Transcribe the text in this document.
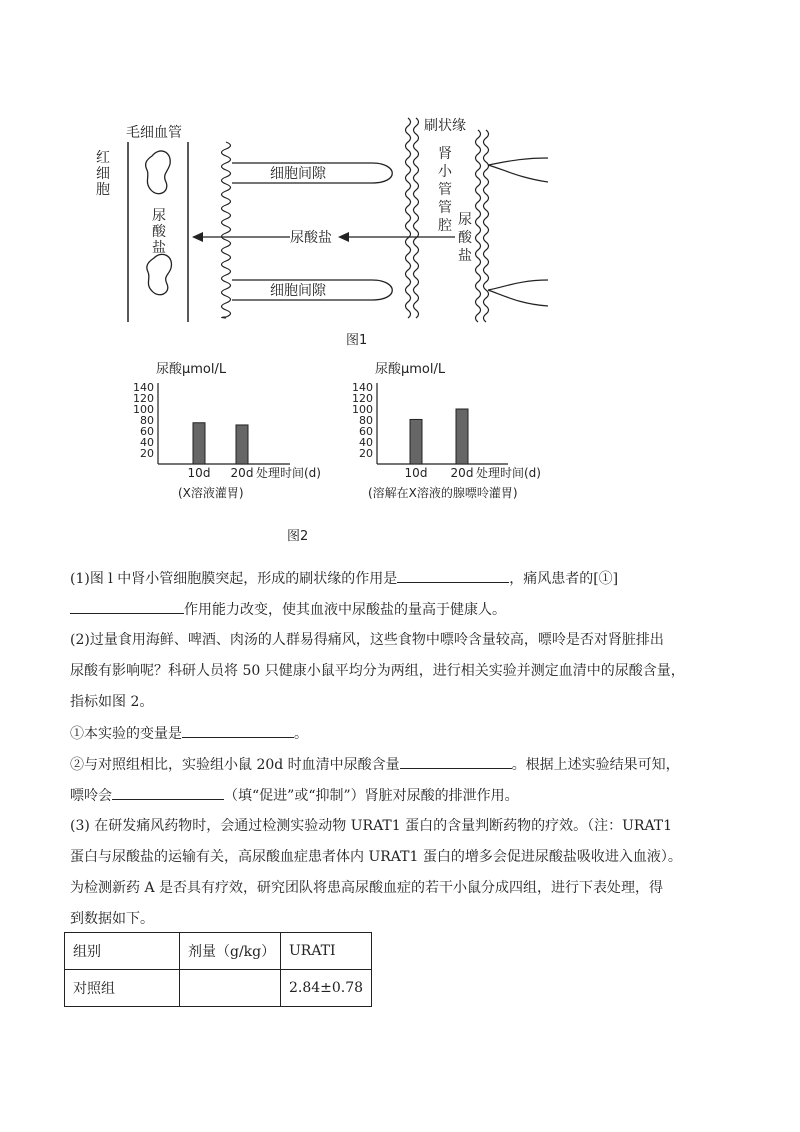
毛细血管
红
细
胞
尿
酸
盐
刷状缘
肾
小
管
管
腔 尿
酸
盐
细胞间隙
尿酸盐
细胞间隙
图1
尿酸μmol/L
20
40
60
80
100
120
140
10d 20d 处理时间(d)
(X溶液灌胃)
尿酸μmol/L
20
40
60
80
100
120
140
10d 20d 处理时间(d)
(溶解在X溶液的腺嘌呤灌胃)
图2
(1)图 l 中肾小管细胞膜突起，形成的刷状缘的作用是	，痛风患者的[①]
作用能力改变，使其血液中尿酸盐的量高于健康人。
(2)过量食用海鲜、啤酒、肉汤的人群易得痛风，这些食物中嘌呤含量较高，嘌呤是否对肾脏排出
尿酸有影响呢？科研人员将 50 只健康小鼠平均分为两组，进行相关实验并测定血清中的尿酸含量，
指标如图 2。
①本实验的变量是	。
②与对照组相比，实验组小鼠 20d 时血清中尿酸含量	。根据上述实验结果可知，
嘌呤会	（填“促进”或“抑制”）肾脏对尿酸的排泄作用。
(3) 在研发痛风药物时，会通过检测实验动物 URAT1 蛋白的含量判断药物的疗效。（注：URAT1
蛋白与尿酸盐的运输有关，高尿酸血症患者体内 URAT1 蛋白的增多会促进尿酸盐吸收进入血液）。
为检测新药 A 是否具有疗效，研究团队将患高尿酸血症的若干小鼠分成四组，进行下表处理，得
到数据如下。
组别	剂量（g/kg）	URATI
对照组		2.84±0.78
